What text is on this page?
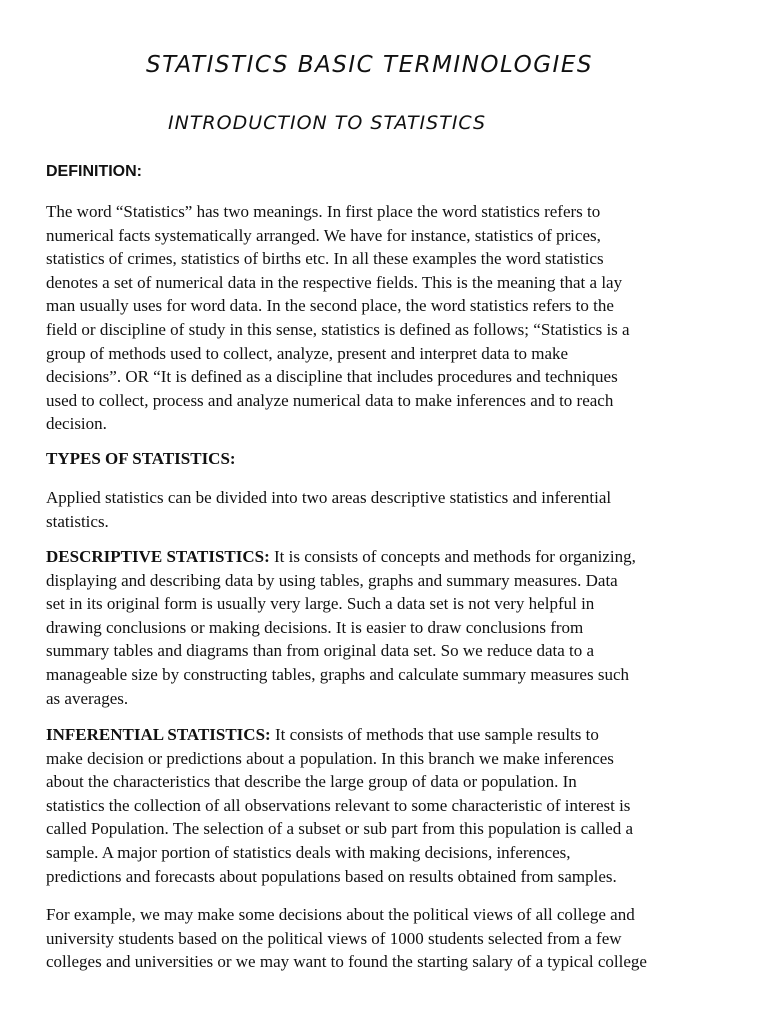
STATISTICS BASIC TERMINOLOGIES
INTRODUCTION TO STATISTICS
DEFINITION:

The word “Statistics” has two meanings. In first place the word statistics refers to
numerical facts systematically arranged. We have for instance, statistics of prices,
statistics of crimes, statistics of births etc. In all these examples the word statistics
denotes a set of numerical data in the respective fields. This is the meaning that a lay
man usually uses for word data. In the second place, the word statistics refers to the
field or discipline of study in this sense, statistics is defined as follows; “Statistics is a
group of methods used to collect, analyze, present and interpret data to make
decisions”. OR “It is defined as a discipline that includes procedures and techniques
used to collect, process and analyze numerical data to make inferences and to reach
decision.

TYPES OF STATISTICS:

Applied statistics can be divided into two areas descriptive statistics and inferential
statistics.

DESCRIPTIVE STATISTICS: It is consists of concepts and methods for organizing,
displaying and describing data by using tables, graphs and summary measures. Data
set in its original form is usually very large. Such a data set is not very helpful in
drawing conclusions or making decisions. It is easier to draw conclusions from
summary tables and diagrams than from original data set. So we reduce data to a
manageable size by constructing tables, graphs and calculate summary measures such
as averages.

INFERENTIAL STATISTICS: It consists of methods that use sample results to
make decision or predictions about a population. In this branch we make inferences
about the characteristics that describe the large group of data or population. In
statistics the collection of all observations relevant to some characteristic of interest is
called Population. The selection of a subset or sub part from this population is called a
sample. A major portion of statistics deals with making decisions, inferences,
predictions and forecasts about populations based on results obtained from samples.

For example, we may make some decisions about the political views of all college and
university students based on the political views of 1000 students selected from a few
colleges and universities or we may want to found the starting salary of a typical college
